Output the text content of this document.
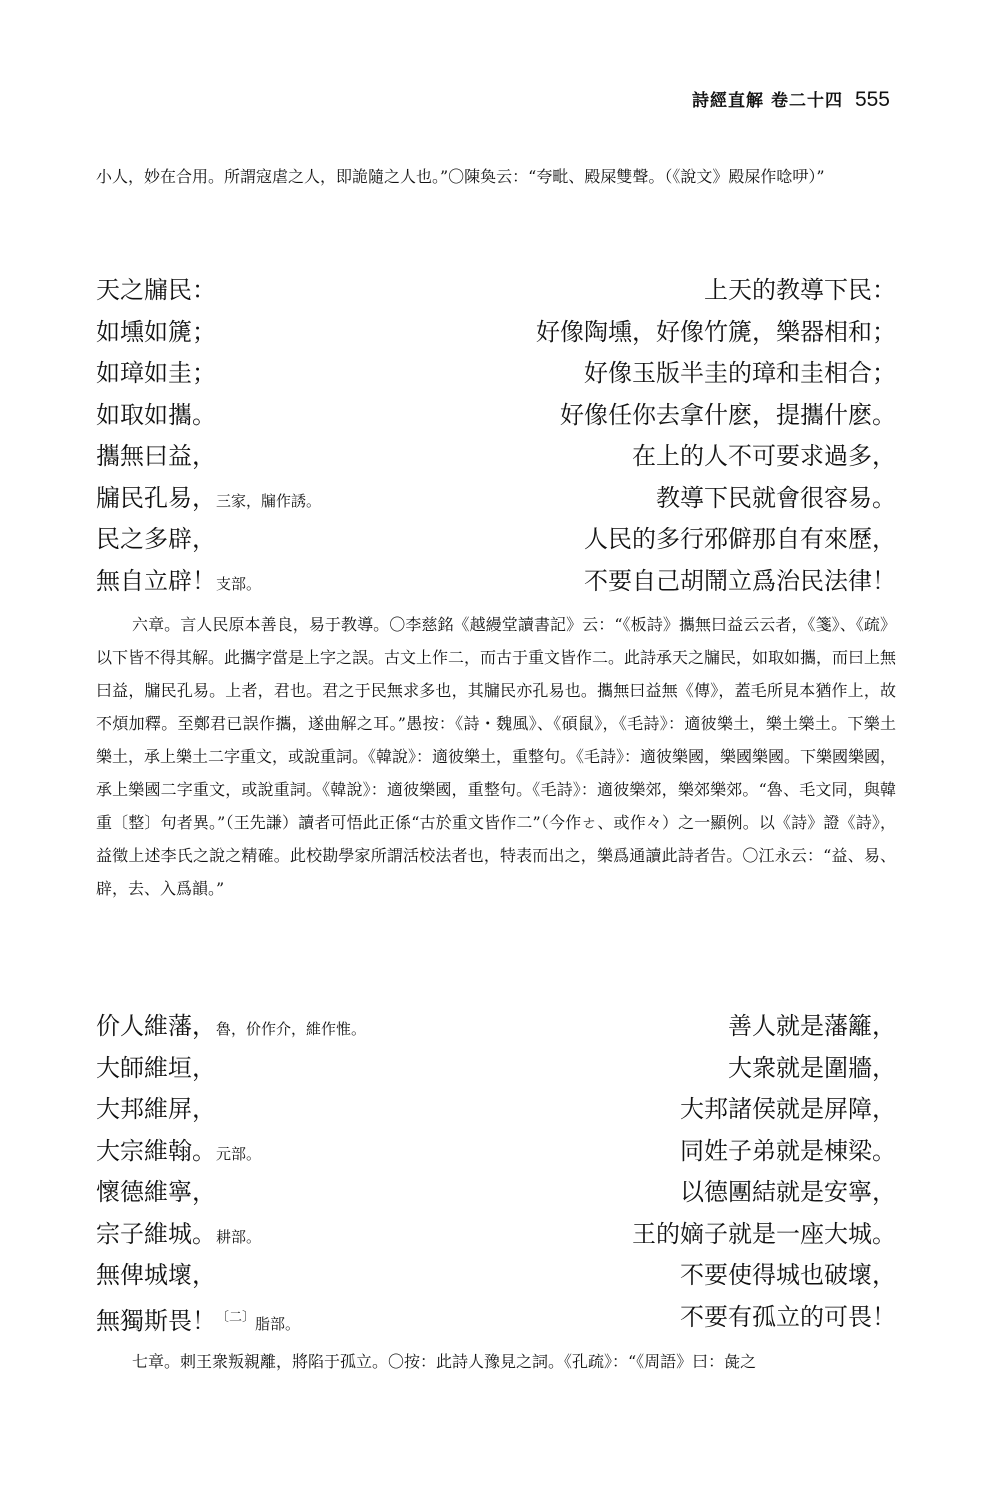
詩經直解 卷二十四 555
小人，妙在合用。所謂寇虐之人，即詭隨之人也。”〇陳奐云：“夸毗、殿屎雙聲。（《說文》殿屎作唸吚）”
天之牖民：	上天的教導下民：
如壎如篪；	好像陶壎，好像竹篪，樂器相和；
如璋如圭；	好像玉版半圭的璋和圭相合；
如取如攜。	好像任你去拿什麽，提攜什麽。
攜無曰益，	在上的人不可要求過多，
牖民孔易，三家，牖作誘。	教導下民就會很容易。
民之多辟，	人民的多行邪僻那自有來歷，
無自立辟！支部。	不要自己胡鬧立爲治民法律！
六章。言人民原本善良，易于教導。〇李慈銘《越縵堂讀書記》云：“《板詩》攜無曰益云云者，《箋》、《疏》以下皆不得其解。此攜字當是上字之誤。古文上作二，而古于重文皆作二。此詩承天之牖民，如取如攜，而曰上無曰益，牖民孔易。上者，君也。君之于民無求多也，其牖民亦孔易也。攜無曰益無《傳》，蓋毛所見本猶作上，故不煩加釋。至鄭君已誤作攜，遂曲解之耳。”愚按：《詩・魏風》、《碩鼠》，《毛詩》：適彼樂土，樂土樂土。下樂土樂土，承上樂土二字重文，或說重詞。《韓說》：適彼樂土，重整句。《毛詩》：適彼樂國，樂國樂國。下樂國樂國，承上樂國二字重文，或說重詞。《韓說》：適彼樂國，重整句。《毛詩》：適彼樂郊，樂郊樂郊。“魯、毛文同，與韓重〔整〕句者異。”（王先謙）讀者可悟此正係“古於重文皆作二”（今作ㄜ、或作々）之一顯例。以《詩》證《詩》，益徵上述李氏之說之精確。此校勘學家所謂活校法者也，特表而出之，樂爲通讀此詩者告。〇江永云：“益、易、辟，去、入爲韻。”
价人維藩，魯，价作介，維作惟。	善人就是藩籬，
大師維垣，	大衆就是圍牆，
大邦維屏，	大邦諸侯就是屏障，
大宗維翰。元部。	同姓子弟就是棟梁。
懷德維寧，	以德團結就是安寧，
宗子維城。耕部。	王的嫡子就是一座大城。
無俾城壞，	不要使得城也破壞，
無獨斯畏！$^{〔二〕}$脂部。	不要有孤立的可畏！
七章。刺王衆叛親離，將陷于孤立。〇按：此詩人豫見之詞。《孔疏》：“《周語》曰：彘之
